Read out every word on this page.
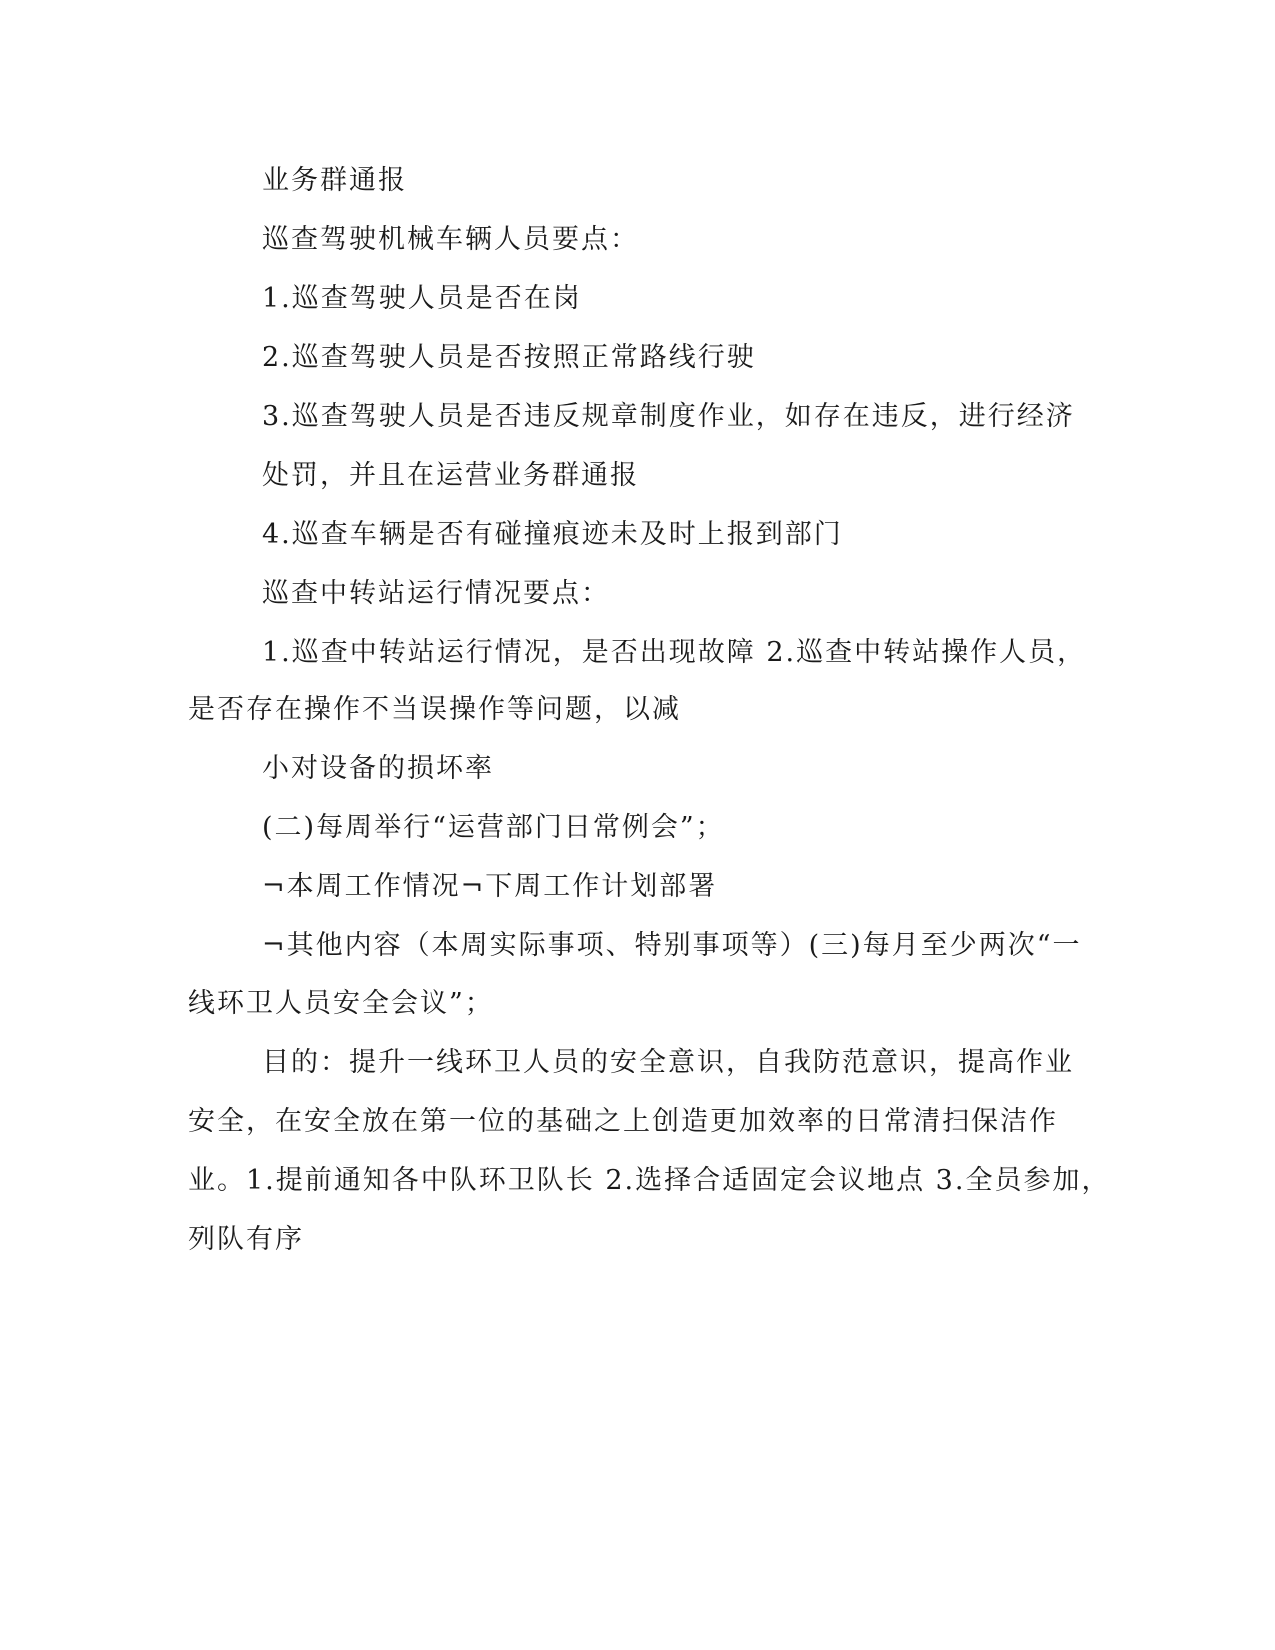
业务群通报
巡查驾驶机械车辆人员要点：
1.巡查驾驶人员是否在岗
2.巡查驾驶人员是否按照正常路线行驶
3.巡查驾驶人员是否违反规章制度作业，如存在违反，进行经济
处罚，并且在运营业务群通报
4.巡查车辆是否有碰撞痕迹未及时上报到部门
巡查中转站运行情况要点：
1.巡查中转站运行情况，是否出现故障 2.巡查中转站操作人员，
是否存在操作不当误操作等问题，以减
小对设备的损坏率
(二)每周举行“运营部门日常例会”；
¬本周工作情况¬下周工作计划部署
¬其他内容（本周实际事项、特别事项等）(三)每月至少两次“一
线环卫人员安全会议”；
目的：提升一线环卫人员的安全意识，自我防范意识，提高作业
安全，在安全放在第一位的基础之上创造更加效率的日常清扫保洁作
业。1.提前通知各中队环卫队长 2.选择合适固定会议地点 3.全员参加，
列队有序
